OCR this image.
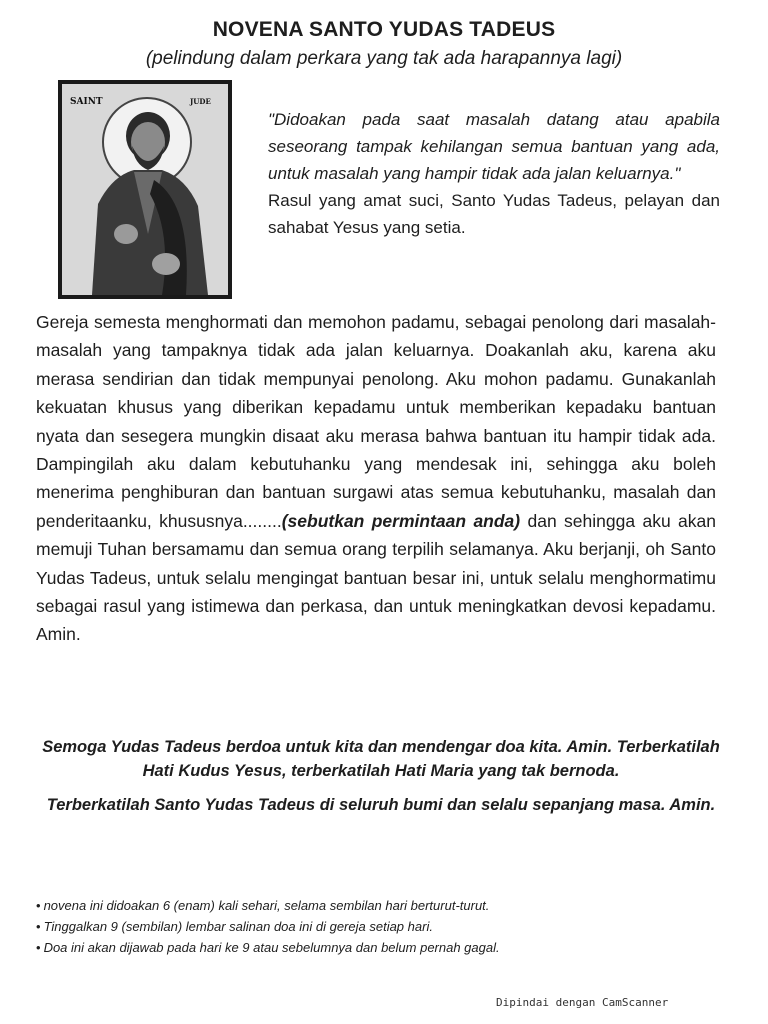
NOVENA SANTO YUDAS TADEUS
(pelindung dalam perkara yang tak ada harapannya lagi)
SAINT	JUDE
"Didoakan pada saat masalah datang atau apabila seseorang tampak kehilangan semua bantuan yang ada, untuk masalah yang hampir tidak ada jalan keluarnya."
Rasul yang amat suci, Santo Yudas Tadeus, pelayan dan sahabat Yesus yang setia.
Gereja semesta menghormati dan memohon padamu, sebagai penolong dari masalah-masalah yang tampaknya tidak ada jalan keluarnya. Doakanlah aku, karena aku merasa sendirian dan tidak mempunyai penolong. Aku mohon padamu. Gunakanlah kekuatan khusus yang diberikan kepadamu untuk memberikan kepadaku bantuan nyata dan sesegera mungkin disaat aku merasa bahwa bantuan itu hampir tidak ada. Dampingilah aku dalam kebutuhanku yang mendesak ini, sehingga aku boleh menerima penghiburan dan bantuan surgawi atas semua kebutuhanku, masalah dan penderitaanku, khususnya........(sebutkan permintaan anda) dan sehingga aku akan memuji Tuhan bersamamu dan semua orang terpilih selamanya. Aku berjanji, oh Santo Yudas Tadeus, untuk selalu mengingat bantuan besar ini, untuk selalu menghormatimu sebagai rasul yang istimewa dan perkasa, dan untuk meningkatkan devosi kepadamu. Amin.

Semoga Yudas Tadeus berdoa untuk kita dan mendengar doa kita. Amin. Terberkatilah Hati Kudus Yesus, terberkatilah Hati Maria yang tak bernoda.

Terberkatilah Santo Yudas Tadeus di seluruh bumi dan selalu sepanjang masa. Amin.

• novena ini didoakan 6 (enam) kali sehari, selama sembilan hari berturut-turut.
• Tinggalkan 9 (sembilan) lembar salinan doa ini di gereja setiap hari.
• Doa ini akan dijawab pada hari ke 9 atau sebelumnya dan belum pernah gagal.
Dipindai dengan CamScanner
